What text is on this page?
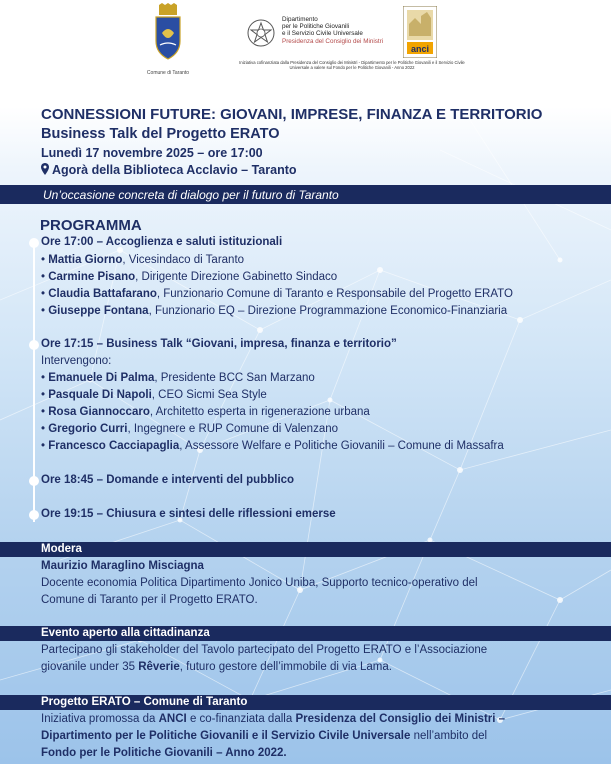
Comune di Taranto
Dipartimento
per le Politiche Giovanili
e il Servizio Civile Universale
Presidenza del Consiglio dei Ministri
anci
Iniziativa cofinanziata dalla Presidenza del Consiglio dei Ministri - Dipartimento per le Politiche Giovanili e il Servizio Civile Universale a valere sul Fondo per le Politiche Giovanili - Anno 2022
CONNESSIONI FUTURE: GIOVANI, IMPRESE, FINANZA E TERRITORIO
Business Talk del Progetto ERATO
Lunedì 17 novembre 2025 – ore 17:00
Agorà della Biblioteca Acclavio – Taranto
Un’occasione concreta di dialogo per il futuro di Taranto
PROGRAMMA
Ore 17:00 – Accoglienza e saluti istituzionali
• Mattia Giorno, Vicesindaco di Taranto
• Carmine Pisano, Dirigente Direzione Gabinetto Sindaco
• Claudia Battafarano, Funzionario Comune di Taranto e Responsabile del Progetto ERATO
• Giuseppe Fontana, Funzionario EQ – Direzione Programmazione Economico-Finanziaria
Ore 17:15 – Business Talk “Giovani, impresa, finanza e territorio”
Intervengono:
• Emanuele Di Palma, Presidente BCC San Marzano
• Pasquale Di Napoli, CEO Sicmi Sea Style
• Rosa Giannoccaro, Architetto esperta in rigenerazione urbana
• Gregorio Curri, Ingegnere e RUP Comune di Valenzano
• Francesco Cacciapaglia, Assessore Welfare e Politiche Giovanili – Comune di Massafra
Ore 18:45 – Domande e interventi del pubblico
Ore 19:15 – Chiusura e sintesi delle riflessioni emerse
Modera
Maurizio Maraglino Misciagna
Docente economia Politica Dipartimento Jonico Uniba, Supporto tecnico-operativo del
Comune di Taranto per il Progetto ERATO.
Evento aperto alla cittadinanza
Partecipano gli stakeholder del Tavolo partecipato del Progetto ERATO e l’Associazione
giovanile under 35 Rêverie, futuro gestore dell’immobile di via Lama.
Progetto ERATO – Comune di Taranto
Iniziativa promossa da ANCI e co-finanziata dalla Presidenza del Consiglio dei Ministri –
Dipartimento per le Politiche Giovanili e il Servizio Civile Universale nell’ambito del
Fondo per le Politiche Giovanili – Anno 2022.
